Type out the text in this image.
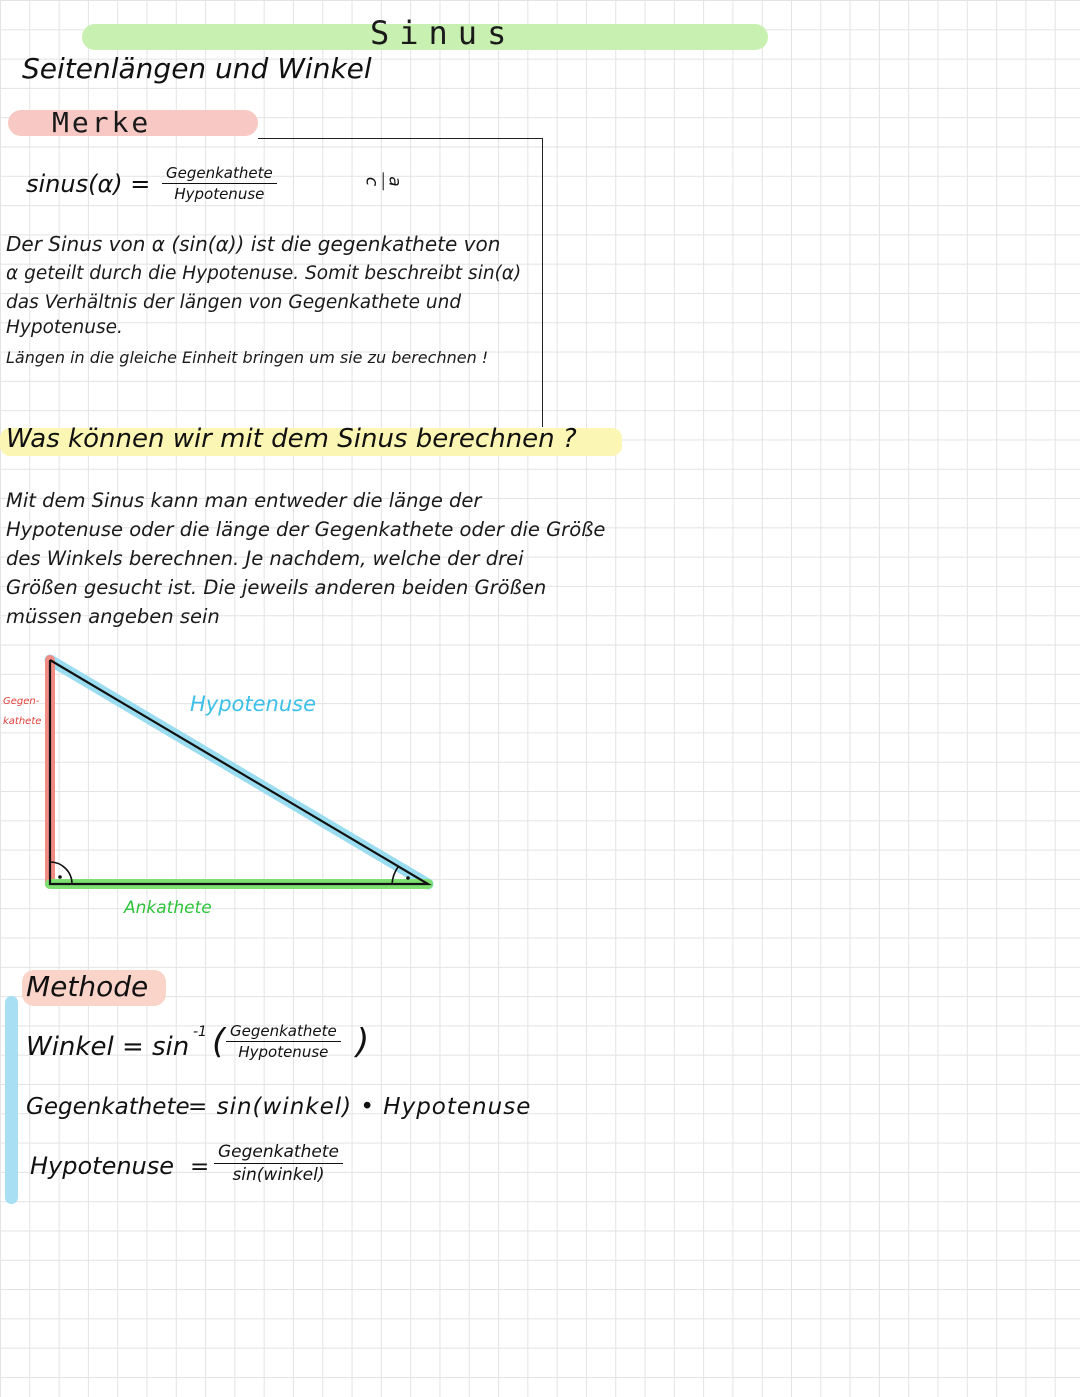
Sinus
Seitenlängen und Winkel
Merke
sinus(α) = Gegenkathete
Hypotenuse
a
c
Der Sinus von α (sin(α)) ist die gegenkathete von
α geteilt durch die Hypotenuse. Somit beschreibt sin(α)
das Verhältnis der längen von Gegenkathete und
Hypotenuse.
Längen in die gleiche Einheit bringen um sie zu berechnen !
Was können wir mit dem Sinus berechnen ?
Mit dem Sinus kann man entweder die länge der
Hypotenuse oder die länge der Gegenkathete oder die Größe
des Winkels berechnen. Je nachdem, welche der drei
Größen gesucht ist. Die jeweils anderen beiden Größen
müssen angeben sein
Gegen-
kathete
Hypotenuse
Ankathete
Methode
Winkel = sin -1 ( Gegenkathete
Hypotenuse )
Gegenkathete
= sin(winkel) • Hypotenuse
Hypotenuse =
Gegenkathete
sin(winkel)
